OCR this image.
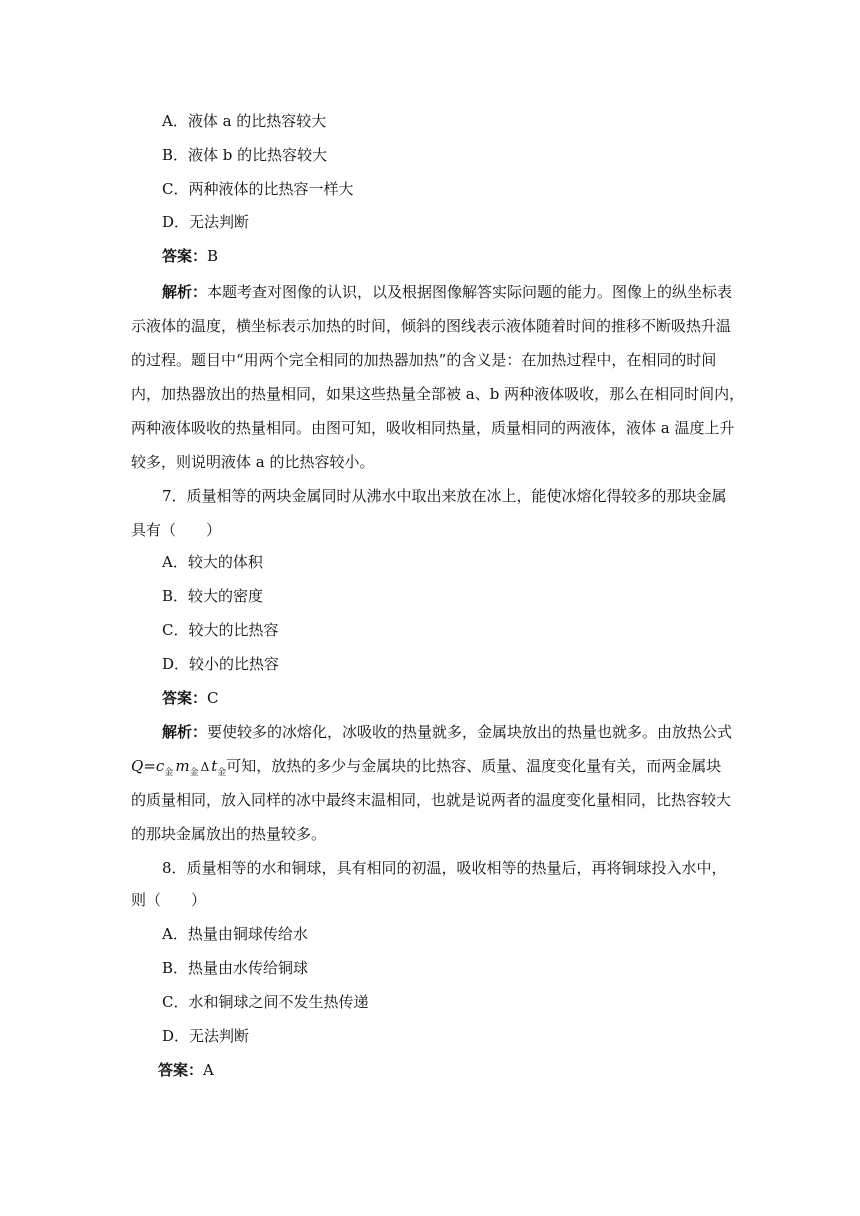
A．液体 a 的比热容较大
B．液体 b 的比热容较大
C．两种液体的比热容一样大
D．无法判断
答案：B
解析：本题考查对图像的认识，以及根据图像解答实际问题的能力。图像上的纵坐标表
示液体的温度，横坐标表示加热的时间，倾斜的图线表示液体随着时间的推移不断吸热升温
的过程。题目中“用两个完全相同的加热器加热”的含义是：在加热过程中，在相同的时间
内，加热器放出的热量相同，如果这些热量全部被 a、b 两种液体吸收，那么在相同时间内，
两种液体吸收的热量相同。由图可知，吸收相同热量，质量相同的两液体，液体 a 温度上升
较多，则说明液体 a 的比热容较小。
7．质量相等的两块金属同时从沸水中取出来放在冰上，能使冰熔化得较多的那块金属
具有（　　）
A．较大的体积
B．较大的密度
C．较大的比热容
D．较小的比热容
答案：C
解析：要使较多的冰熔化，冰吸收的热量就多，金属块放出的热量也就多。由放热公式
$Q=c_金$ $m_金$ Δ $t_金$可知，放热的多少与金属块的比热容、质量、温度变化量有关，而两金属块
的质量相同，放入同样的冰中最终末温相同，也就是说两者的温度变化量相同，比热容较大
的那块金属放出的热量较多。
8．质量相等的水和铜球，具有相同的初温，吸收相等的热量后，再将铜球投入水中，
则（　　）
A．热量由铜球传给水
B．热量由水传给铜球
C．水和铜球之间不发生热传递
D．无法判断
答案：A
